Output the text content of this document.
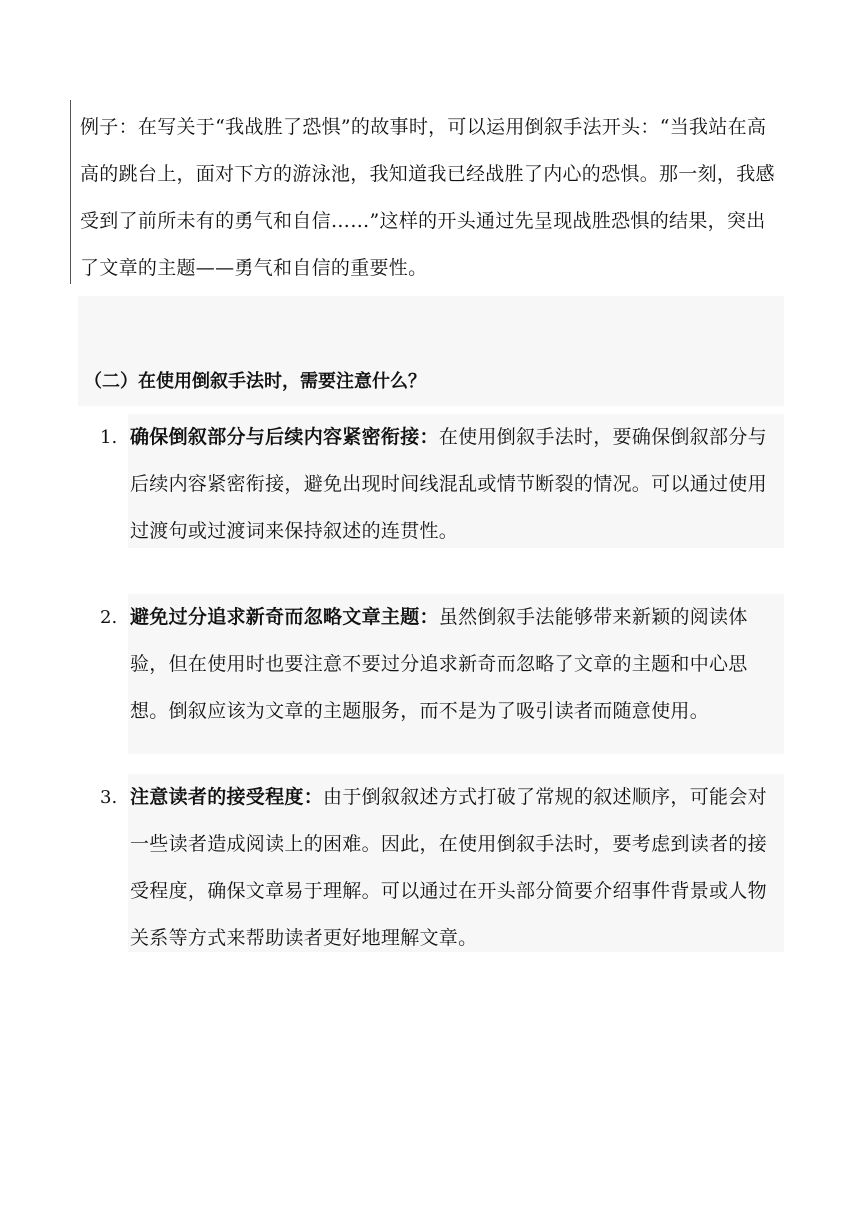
例子：在写关于“我战胜了恐惧”的故事时，可以运用倒叙手法开头：“当我站在高高的跳台上，面对下方的游泳池，我知道我已经战胜了内心的恐惧。那一刻，我感受到了前所未有的勇气和自信……”这样的开头通过先呈现战胜恐惧的结果，突出了文章的主题——勇气和自信的重要性。

（二）在使用倒叙手法时，需要注意什么？
1. 确保倒叙部分与后续内容紧密衔接：在使用倒叙手法时，要确保倒叙部分与后续内容紧密衔接，避免出现时间线混乱或情节断裂的情况。可以通过使用过渡句或过渡词来保持叙述的连贯性。

2. 避免过分追求新奇而忽略文章主题：虽然倒叙手法能够带来新颖的阅读体验，但在使用时也要注意不要过分追求新奇而忽略了文章的主题和中心思想。倒叙应该为文章的主题服务，而不是为了吸引读者而随意使用。

3. 注意读者的接受程度：由于倒叙叙述方式打破了常规的叙述顺序，可能会对一些读者造成阅读上的困难。因此，在使用倒叙手法时，要考虑到读者的接受程度，确保文章易于理解。可以通过在开头部分简要介绍事件背景或人物关系等方式来帮助读者更好地理解文章。
